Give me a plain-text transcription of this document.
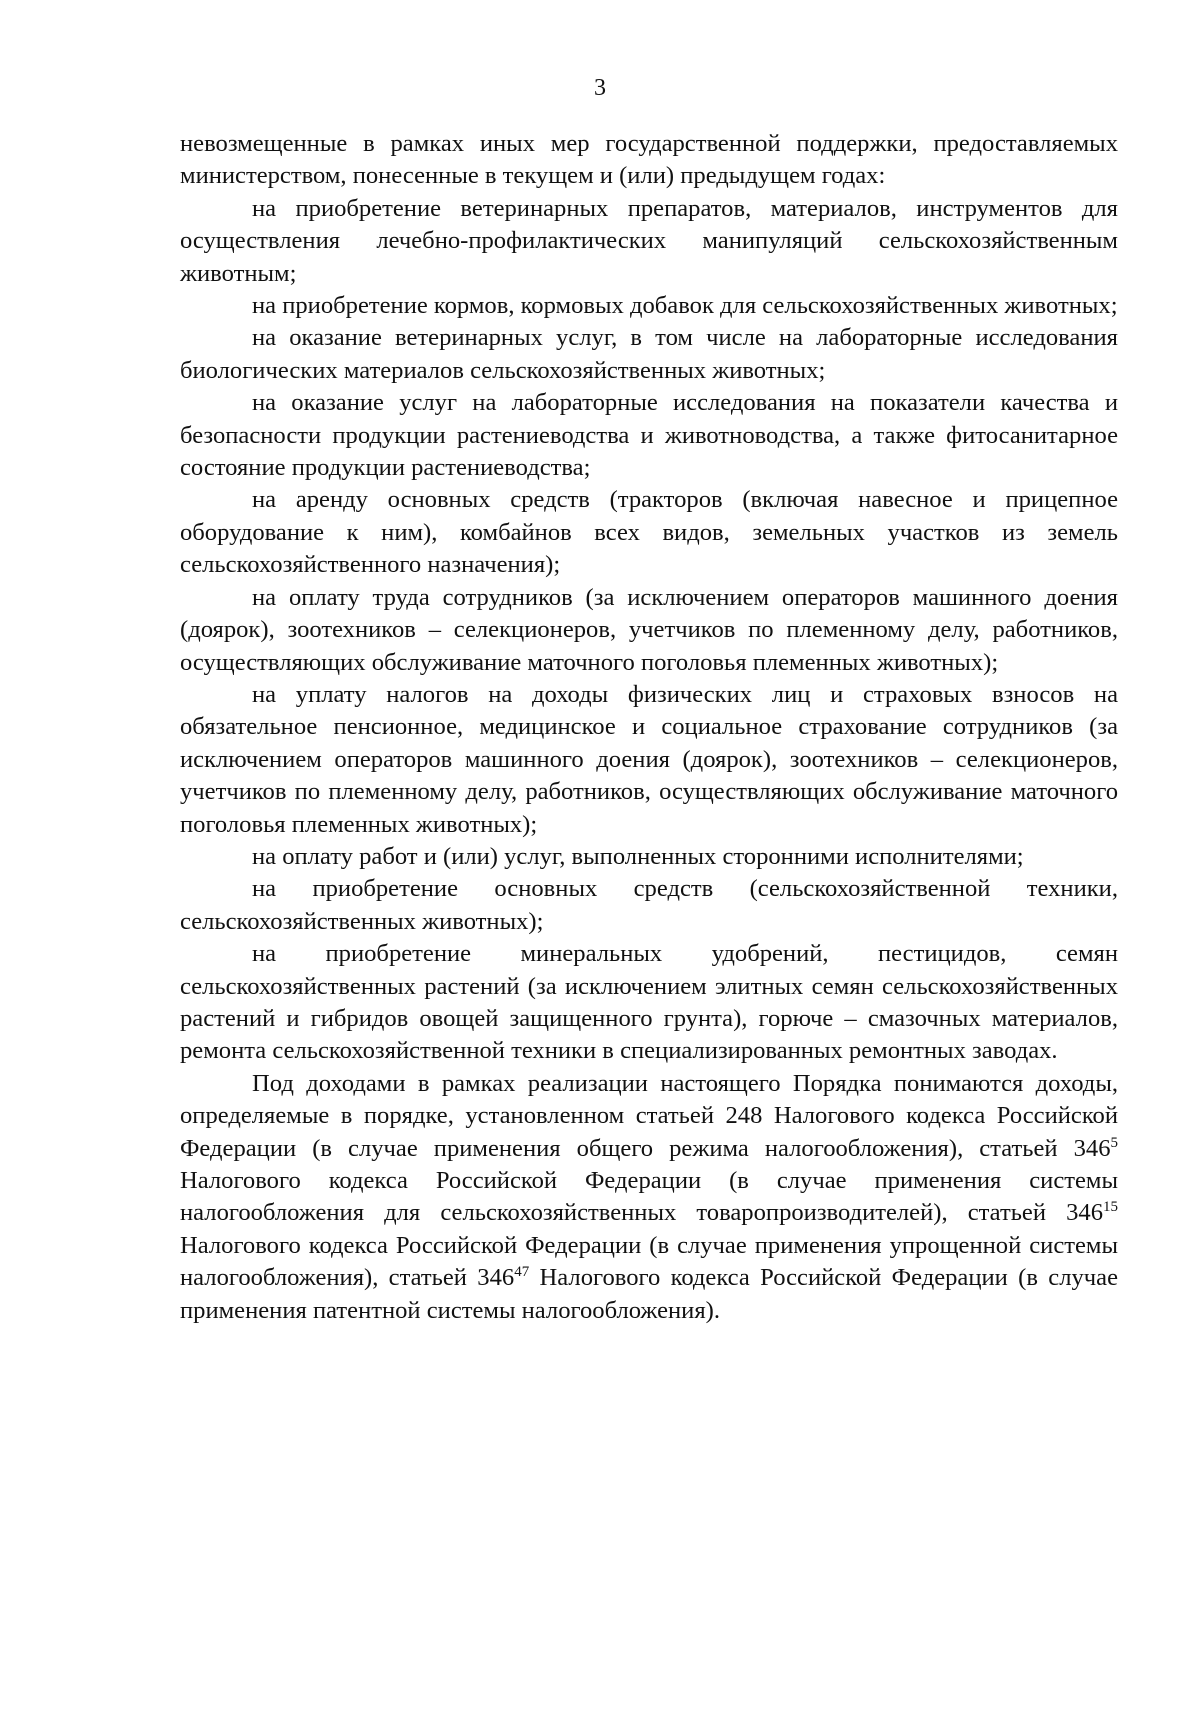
3

невозмещенные в рамках иных мер государственной поддержки, предоставляемых министерством, понесенные в текущем и (или) предыдущем годах:

на приобретение ветеринарных препаратов, материалов, инструментов для осуществления лечебно-профилактических манипуляций сельскохозяйственным животным;

на приобретение кормов, кормовых добавок для сельскохозяйственных животных;

на оказание ветеринарных услуг, в том числе на лабораторные исследования биологических материалов сельскохозяйственных животных;

на оказание услуг на лабораторные исследования на показатели качества и безопасности продукции растениеводства и животноводства, а также фитосанитарное состояние продукции растениеводства;

на аренду основных средств (тракторов (включая навесное и прицепное оборудование к ним), комбайнов всех видов, земельных участков из земель сельскохозяйственного назначения);

на оплату труда сотрудников (за исключением операторов машинного доения (доярок), зоотехников – селекционеров, учетчиков по племенному делу, работников, осуществляющих обслуживание маточного поголовья племенных животных);

на уплату налогов на доходы физических лиц и страховых взносов на обязательное пенсионное, медицинское и социальное страхование сотрудников (за исключением операторов машинного доения (доярок), зоотехников – селекционеров, учетчиков по племенному делу, работников, осуществляющих обслуживание маточного поголовья племенных животных);

на оплату работ и (или) услуг, выполненных сторонними исполнителями;

на приобретение основных средств (сельскохозяйственной техники, сельскохозяйственных животных);

на приобретение минеральных удобрений, пестицидов, семян сельскохозяйственных растений (за исключением элитных семян сельскохозяйственных растений и гибридов овощей защищенного грунта), горюче – смазочных материалов, ремонта сельскохозяйственной техники в специализированных ремонтных заводах.

Под доходами в рамках реализации настоящего Порядка понимаются доходы, определяемые в порядке, установленном статьей 248 Налогового кодекса Российской Федерации (в случае применения общего режима налогообложения), статьей $346^5$ Налогового кодекса Российской Федерации (в случае применения системы налогообложения для сельскохозяйственных товаропроизводителей), статьей $346^{15}$ Налогового кодекса Российской Федерации (в случае применения упрощенной системы налогообложения), статьей $346^{47}$ Налогового кодекса Российской Федерации (в случае применения патентной системы налогообложения).
